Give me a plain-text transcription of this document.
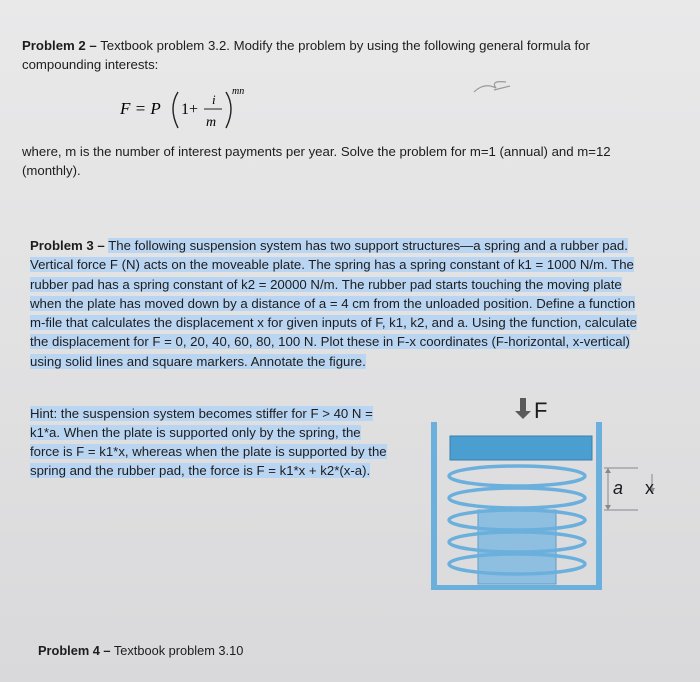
Problem 2 – Textbook problem 3.2. Modify the problem by using the following general formula for compounding interests:

F = P 1+
i
m
mn

where, m is the number of interest payments per year. Solve the problem for m=1 (annual) and m=12 (monthly).

Problem 3 – The following suspension system has two support structures—a spring and a rubber pad.
Vertical force F (N) acts on the moveable plate. The spring has a spring constant of k1 = 1000 N/m. The
rubber pad has a spring constant of k2 = 20000 N/m. The rubber pad starts touching the moving plate
when the plate has moved down by a distance of a = 4 cm from the unloaded position. Define a function
m-file that calculates the displacement x for given inputs of F, k1, k2, and a. Using the function, calculate
the displacement for F = 0, 20, 40, 60, 80, 100 N. Plot these in F-x coordinates (F-horizontal, x-vertical)
using solid lines and square markers. Annotate the figure.

Hint: the suspension system becomes stiffer for F > 40 N =
k1*a. When the plate is supported only by the spring, the
force is F = k1*x, whereas when the plate is supported by the
spring and the rubber pad, the force is F = k1*x + k2*(x-a).

F
a x

Problem 4 – Textbook problem 3.10
